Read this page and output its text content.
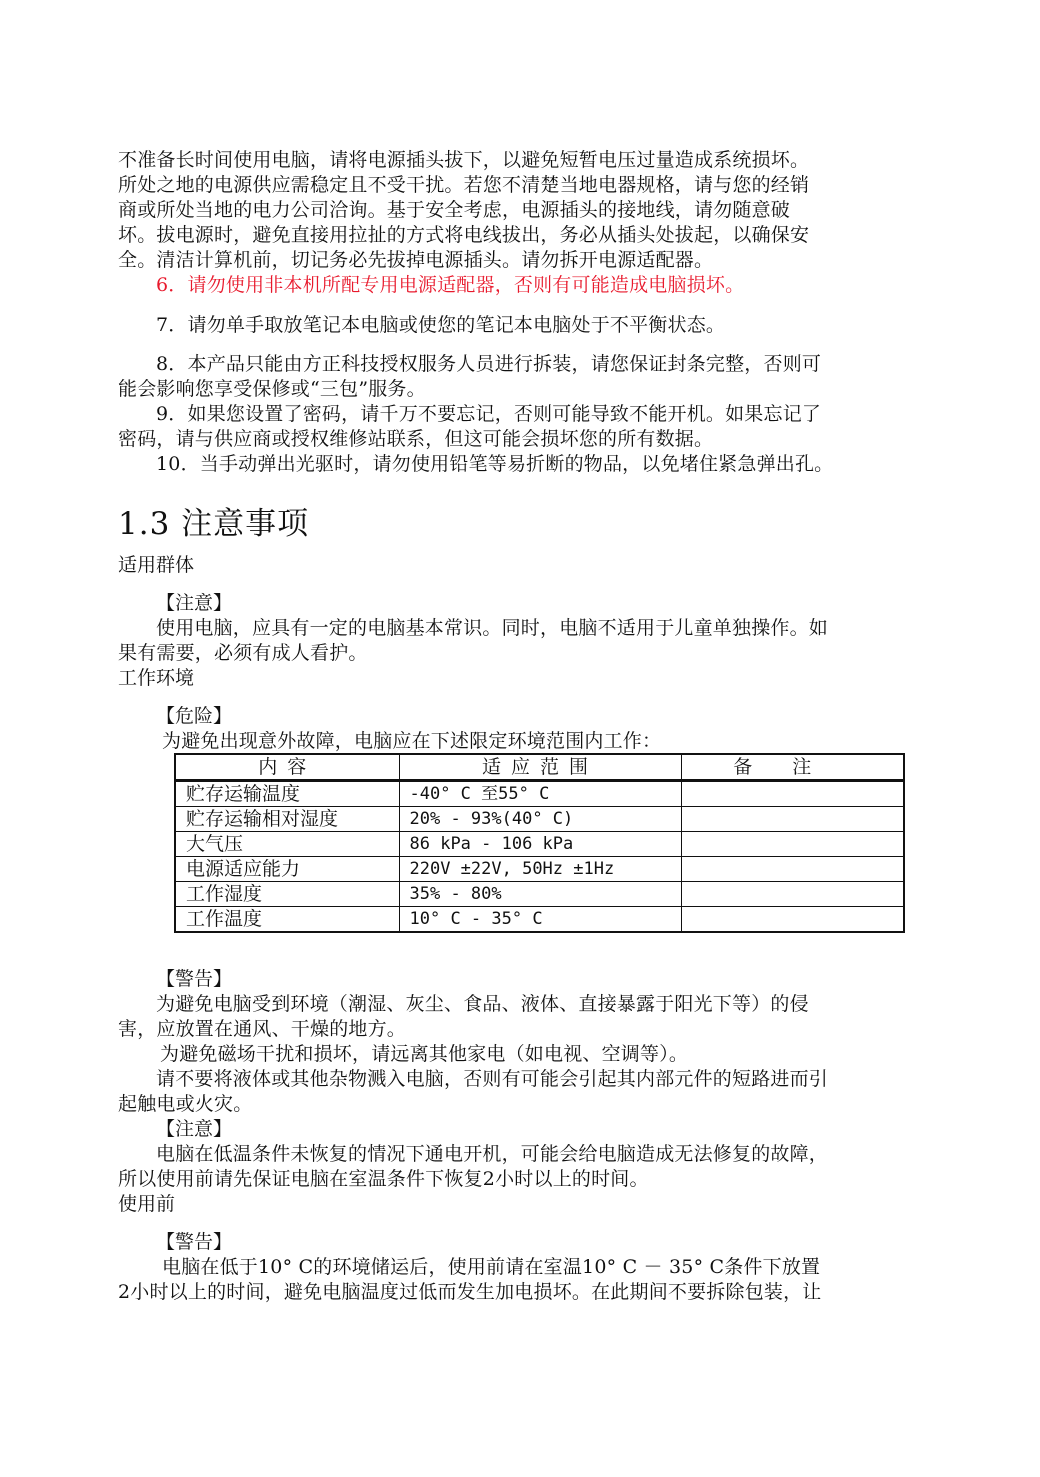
不准备长时间使用电脑，请将电源插头拔下，以避免短暂电压过量造成系统损坏。
所处之地的电源供应需稳定且不受干扰。若您不清楚当地电器规格，请与您的经销
商或所处当地的电力公司洽询。基于安全考虑，电源插头的接地线，请勿随意破
坏。拔电源时，避免直接用拉扯的方式将电线拔出，务必从插头处拔起，以确保安
全。清洁计算机前，切记务必先拔掉电源插头。请勿拆开电源适配器。
6．请勿使用非本机所配专用电源适配器，否则有可能造成电脑损坏。
7．请勿单手取放笔记本电脑或使您的笔记本电脑处于不平衡状态。
8．本产品只能由方正科技授权服务人员进行拆装，请您保证封条完整，否则可
能会影响您享受保修或“三包”服务。
9．如果您设置了密码，请千万不要忘记，否则可能导致不能开机。如果忘记了
密码，请与供应商或授权维修站联系，但这可能会损坏您的所有数据。
10．当手动弹出光驱时，请勿使用铅笔等易折断的物品，以免堵住紧急弹出孔。
1.3 注意事项
适用群体
【注意】
使用电脑，应具有一定的电脑基本常识。同时，电脑不适用于儿童单独操作。如
果有需要，必须有成人看护。
工作环境
【危险】
为避免出现意外故障，电脑应在下述限定环境范围内工作：
内容	适应范围	备注
贮存运输温度	-40° C 至55° C	
贮存运输相对湿度	20% - 93%(40° C)	
大气压	86 kPa - 106 kPa	
电源适应能力	220V ±22V, 50Hz ±1Hz	
工作湿度	35% - 80%	
工作温度	10° C - 35° C	
【警告】
为避免电脑受到环境（潮湿、灰尘、食品、液体、直接暴露于阳光下等）的侵
害，应放置在通风、干燥的地方。
为避免磁场干扰和损坏，请远离其他家电（如电视、空调等）。
请不要将液体或其他杂物溅入电脑，否则有可能会引起其内部元件的短路进而引
起触电或火灾。
【注意】
电脑在低温条件未恢复的情况下通电开机，可能会给电脑造成无法修复的故障，
所以使用前请先保证电脑在室温条件下恢复2小时以上的时间。
使用前
【警告】
电脑在低于10° C的环境储运后，使用前请在室温10° C － 35° C条件下放置
2小时以上的时间，避免电脑温度过低而发生加电损坏。在此期间不要拆除包装，让
